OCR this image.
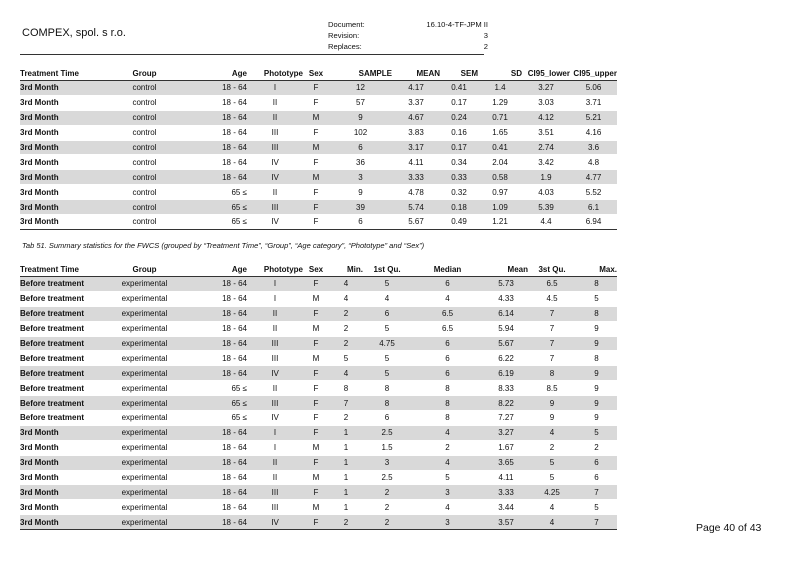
COMPEX, spol. s r.o.
Document:	16.10-4-TF-JPM II
Revision:	3
Replaces:	2
Treatment Time	Group	Age	Phototype	Sex	SAMPLE	MEAN	SEM	SD	CI95_lower	CI95_upper
3rd Month	control	18 - 64	I	F	12	4.17	0.41	1.4	3.27	5.06
3rd Month	control	18 - 64	II	F	57	3.37	0.17	1.29	3.03	3.71
3rd Month	control	18 - 64	II	M	9	4.67	0.24	0.71	4.12	5.21
3rd Month	control	18 - 64	III	F	102	3.83	0.16	1.65	3.51	4.16
3rd Month	control	18 - 64	III	M	6	3.17	0.17	0.41	2.74	3.6
3rd Month	control	18 - 64	IV	F	36	4.11	0.34	2.04	3.42	4.8
3rd Month	control	18 - 64	IV	M	3	3.33	0.33	0.58	1.9	4.77
3rd Month	control	65 ≤	II	F	9	4.78	0.32	0.97	4.03	5.52
3rd Month	control	65 ≤	III	F	39	5.74	0.18	1.09	5.39	6.1
3rd Month	control	65 ≤	IV	F	6	5.67	0.49	1.21	4.4	6.94
Tab 51. Summary statistics for the FWCS (grouped by “Treatment Time”, “Group”, “Age category”, “Phototype” and “Sex”)
Treatment Time	Group	Age	Phototype	Sex	Min.	1st Qu.	Median	Mean	3st Qu.	Max.
Before treatment	experimental	18 - 64	I	F	4	5	6	5.73	6.5	8
Before treatment	experimental	18 - 64	I	M	4	4	4	4.33	4.5	5
Before treatment	experimental	18 - 64	II	F	2	6	6.5	6.14	7	8
Before treatment	experimental	18 - 64	II	M	2	5	6.5	5.94	7	9
Before treatment	experimental	18 - 64	III	F	2	4.75	6	5.67	7	9
Before treatment	experimental	18 - 64	III	M	5	5	6	6.22	7	8
Before treatment	experimental	18 - 64	IV	F	4	5	6	6.19	8	9
Before treatment	experimental	65 ≤	II	F	8	8	8	8.33	8.5	9
Before treatment	experimental	65 ≤	III	F	7	8	8	8.22	9	9
Before treatment	experimental	65 ≤	IV	F	2	6	8	7.27	9	9
3rd Month	experimental	18 - 64	I	F	1	2.5	4	3.27	4	5
3rd Month	experimental	18 - 64	I	M	1	1.5	2	1.67	2	2
3rd Month	experimental	18 - 64	II	F	1	3	4	3.65	5	6
3rd Month	experimental	18 - 64	II	M	1	2.5	5	4.11	5	6
3rd Month	experimental	18 - 64	III	F	1	2	3	3.33	4.25	7
3rd Month	experimental	18 - 64	III	M	1	2	4	3.44	4	5
3rd Month	experimental	18 - 64	IV	F	2	2	3	3.57	4	7	Page 40 of 43
